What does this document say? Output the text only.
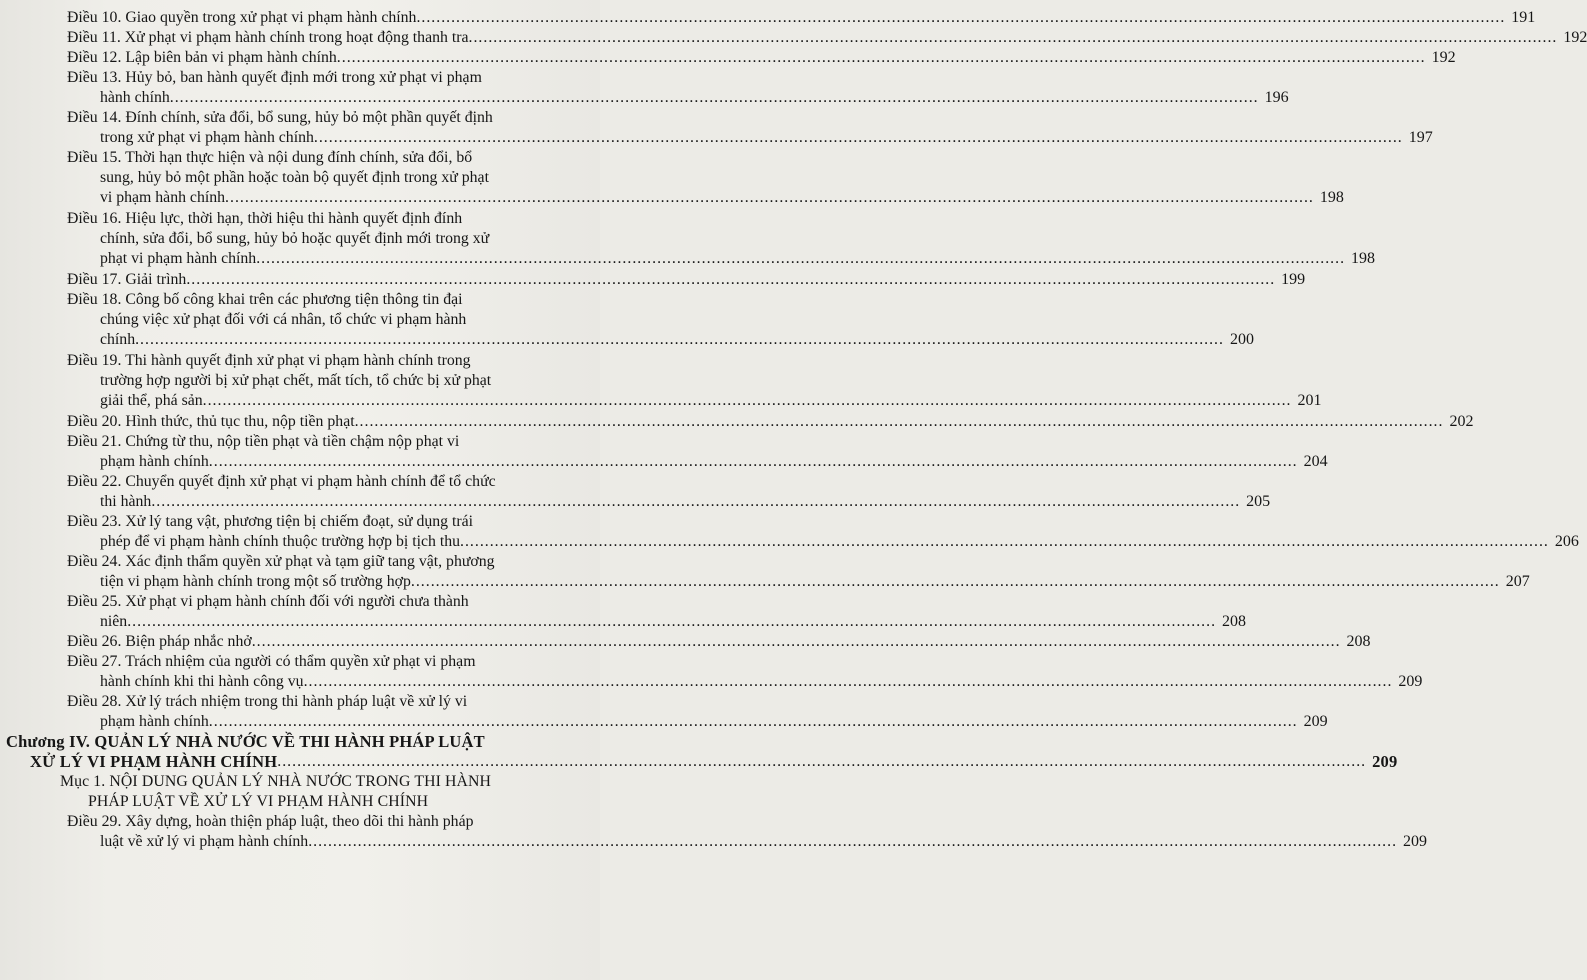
Điều 10. Giao quyền trong xử phạt vi phạm hành chính ............................................................................................................................................................................................................................ 191
Điều 11. Xử phạt vi phạm hành chính trong hoạt động thanh tra ............................................................................................................................................................................................................................ 192
Điều 12. Lập biên bản vi phạm hành chính ............................................................................................................................................................................................................................ 192
Điều 13. Hủy bỏ, ban hành quyết định mới trong xử phạt vi phạm
hành chính ............................................................................................................................................................................................................................ 196
Điều 14. Đính chính, sửa đổi, bổ sung, hủy bỏ một phần quyết định
trong xử phạt vi phạm hành chính ............................................................................................................................................................................................................................ 197
Điều 15. Thời hạn thực hiện và nội dung đính chính, sửa đổi, bổ
sung, hủy bỏ một phần hoặc toàn bộ quyết định trong xử phạt
vi phạm hành chính ............................................................................................................................................................................................................................ 198
Điều 16. Hiệu lực, thời hạn, thời hiệu thi hành quyết định đính
chính, sửa đổi, bổ sung, hủy bỏ hoặc quyết định mới trong xử
phạt vi phạm hành chính ............................................................................................................................................................................................................................ 198
Điều 17. Giải trình ............................................................................................................................................................................................................................ 199
Điều 18. Công bố công khai trên các phương tiện thông tin đại
chúng việc xử phạt đối với cá nhân, tổ chức vi phạm hành
chính ............................................................................................................................................................................................................................ 200
Điều 19. Thi hành quyết định xử phạt vi phạm hành chính trong
trường hợp người bị xử phạt chết, mất tích, tổ chức bị xử phạt
giải thể, phá sản ............................................................................................................................................................................................................................ 201
Điều 20. Hình thức, thủ tục thu, nộp tiền phạt ............................................................................................................................................................................................................................ 202
Điều 21. Chứng từ thu, nộp tiền phạt và tiền chậm nộp phạt vi
phạm hành chính ............................................................................................................................................................................................................................ 204
Điều 22. Chuyển quyết định xử phạt vi phạm hành chính để tổ chức
thi hành ............................................................................................................................................................................................................................ 205
Điều 23. Xử lý tang vật, phương tiện bị chiếm đoạt, sử dụng trái
phép để vi phạm hành chính thuộc trường hợp bị tịch thu ............................................................................................................................................................................................................................ 206
Điều 24. Xác định thẩm quyền xử phạt và tạm giữ tang vật, phương
tiện vi phạm hành chính trong một số trường hợp ............................................................................................................................................................................................................................ 207
Điều 25. Xử phạt vi phạm hành chính đối với người chưa thành
niên ............................................................................................................................................................................................................................ 208
Điều 26. Biện pháp nhắc nhở ............................................................................................................................................................................................................................ 208
Điều 27. Trách nhiệm của người có thẩm quyền xử phạt vi phạm
hành chính khi thi hành công vụ ............................................................................................................................................................................................................................ 209
Điều 28. Xử lý trách nhiệm trong thi hành pháp luật về xử lý vi
phạm hành chính ............................................................................................................................................................................................................................ 209
Chương IV. QUẢN LÝ NHÀ NƯỚC VỀ THI HÀNH PHÁP LUẬT
XỬ LÝ VI PHẠM HÀNH CHÍNH ............................................................................................................................................................................................................................ 209
Mục 1. NỘI DUNG QUẢN LÝ NHÀ NƯỚC TRONG THI HÀNH
PHÁP LUẬT VỀ XỬ LÝ VI PHẠM HÀNH CHÍNH
Điều 29. Xây dựng, hoàn thiện pháp luật, theo dõi thi hành pháp
luật về xử lý vi phạm hành chính ............................................................................................................................................................................................................................ 209
